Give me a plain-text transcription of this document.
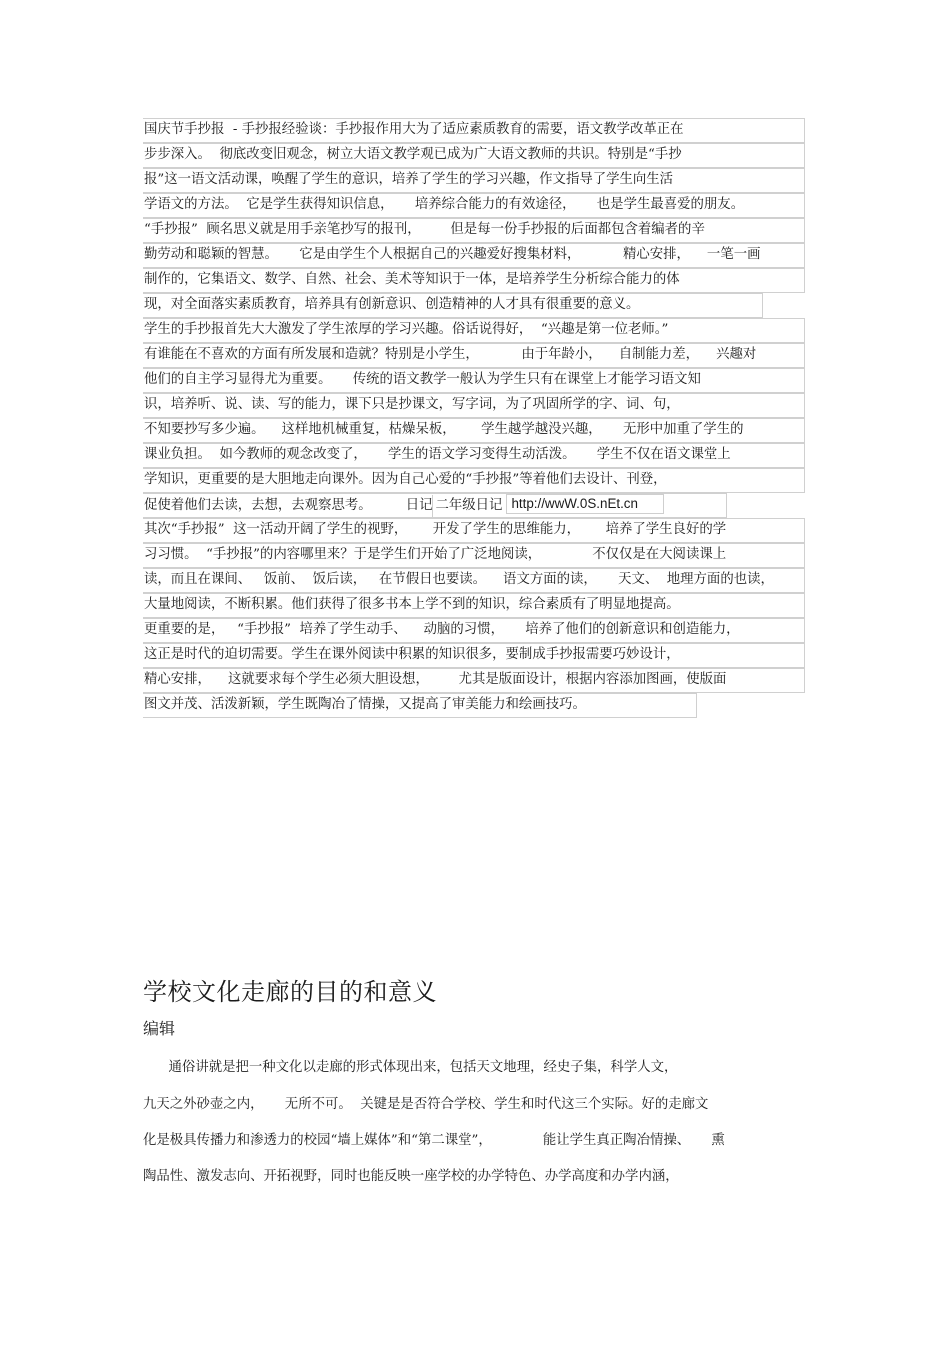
国庆节手抄报  - 手抄报经验谈：手抄报作用大为了适应素质教育的需要，语文教学改革正在
步步深入。  彻底改变旧观念，树立大语文教学观已成为广大语文教师的共识。特别是“手抄
报”这一语文活动课，唤醒了学生的意识，培养了学生的学习兴趣，作文指导了学生向生活
学语文的方法。  它是学生获得知识信息，     培养综合能力的有效途径，     也是学生最喜爱的朋友。
“手抄报”  顾名思义就是用手亲笔抄写的报刊，       但是每一份手抄报的后面都包含着编者的辛
勤劳动和聪颖的智慧。     它是由学生个人根据自己的兴趣爱好搜集材料，          精心安排，    一笔一画
制作的，它集语文、数学、自然、社会、美术等知识于一体，是培养学生分析综合能力的体
现，对全面落实素质教育，培养具有创新意识、创造精神的人才具有很重要的意义。
学生的手抄报首先大大激发了学生浓厚的学习兴趣。俗话说得好，  “兴趣是第一位老师。”
有谁能在不喜欢的方面有所发展和造就？特别是小学生，          由于年龄小，    自制能力差，    兴趣对
他们的自主学习显得尤为重要。     传统的语文教学一般认为学生只有在课堂上才能学习语文知
识，培养听、说、读、写的能力，课下只是抄课文，写字词，为了巩固所学的字、词、句，
不知要抄写多少遍。    这样地机械重复，枯燥呆板，      学生越学越没兴趣，     无形中加重了学生的
课业负担。  如今教师的观念改变了，     学生的语文学习变得生动活泼。     学生不仅在语文课堂上
学知识，更重要的是大胆地走向课外。因为自己心爱的“手抄报”等着他们去设计、刊登，
促使着他们去读，去想，去观察思考。        日记 二年级日记 http://wwW.0S.nEt.cn
其次“手抄报”  这一活动开阔了学生的视野，      开发了学生的思维能力，      培养了学生良好的学
习习惯。  “手抄报”的内容哪里来？于是学生们开始了广泛地阅读，            不仅仅是在大阅读课上
读，而且在课间、   饭前、  饭后读，   在节假日也要读。    语文方面的读，     天文、  地理方面的也读，
大量地阅读，不断积累。他们获得了很多书本上学不到的知识，综合素质有了明显地提高。
更重要的是，   “手抄报”  培养了学生动手、    动脑的习惯，     培养了他们的创新意识和创造能力，
这正是时代的迫切需要。学生在课外阅读中积累的知识很多，要制成手抄报需要巧妙设计，
精心安排，    这就要求每个学生必须大胆设想，       尤其是版面设计，根据内容添加图画，使版面
图文并茂、活泼新颖，学生既陶冶了情操，又提高了审美能力和绘画技巧。
学校文化走廊的目的和意义
编辑
通俗讲就是把一种文化以走廊的形式体现出来，包括天文地理，经史子集，科学人文，
九天之外砂壶之内，     无所不可。  关键是是否符合学校、学生和时代这三个实际。好的走廊文
化是极具传播力和渗透力的校园“墙上媒体”和“第二课堂”，            能让学生真正陶冶情操、     熏
陶品性、激发志向、开拓视野，同时也能反映一座学校的办学特色、办学高度和办学内涵，
